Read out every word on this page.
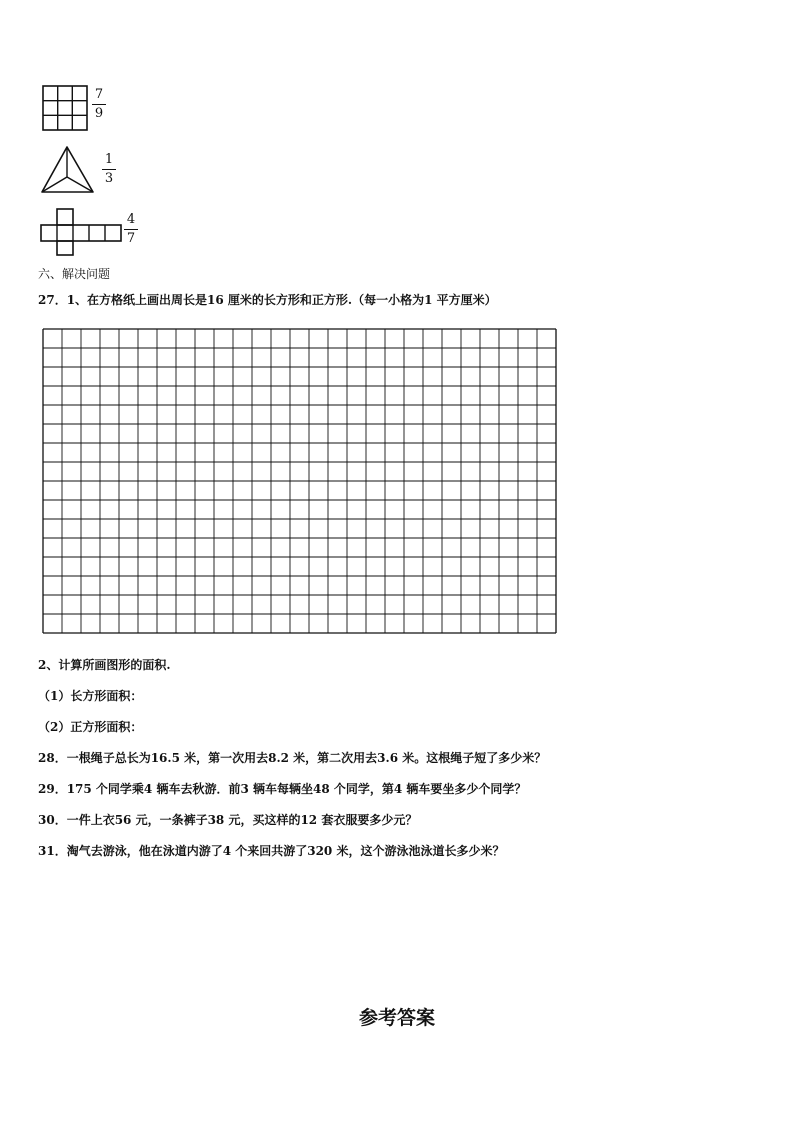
7
9
1
3
4
7
六、解决问题
27．1、在方格纸上画出周长是16 厘米的长方形和正方形.（每一小格为1 平方厘米）
2、计算所画图形的面积.
（1）长方形面积：
（2）正方形面积：
28．一根绳子总长为16.5 米，第一次用去8.2 米，第二次用去3.6 米。这根绳子短了多少米？
29．175 个同学乘4 辆车去秋游．前3 辆车每辆坐48 个同学，第4 辆车要坐多少个同学？
30．一件上衣56 元，一条裤子38 元，买这样的12 套衣服要多少元？
31．淘气去游泳，他在泳道内游了4 个来回共游了320 米，这个游泳池泳道长多少米？
参考答案
